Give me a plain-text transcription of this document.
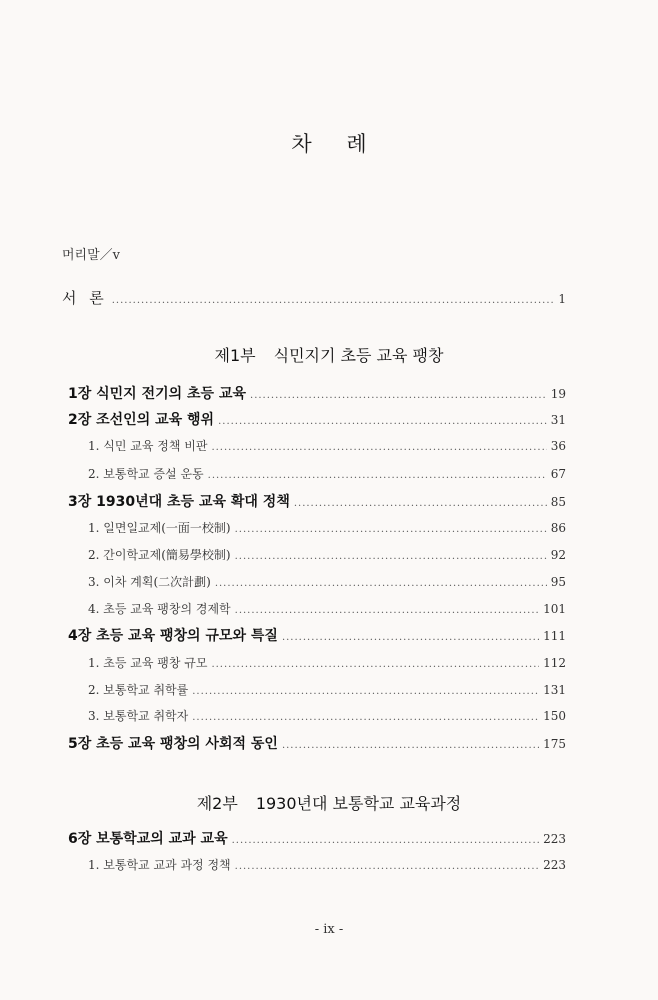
차 례
머리말／v
서 론 .....	1
제1부 식민지기 초등 교육 팽창
1장 식민지 전기의 초등 교육 .....	19
2장 조선인의 교육 행위 .....	31
1. 식민 교육 정책 비판 .....	36
2. 보통학교 증설 운동 .....	67
3장 1930년대 초등 교육 확대 정책 .....	85
1. 일면일교제(一面一校制) .....	86
2. 간이학교제(簡易學校制) .....	92
3. 이차 계획(二次計劃) .....	95
4. 초등 교육 팽창의 경제학 .....	101
4장 초등 교육 팽창의 규모와 특질 .....	111
1. 초등 교육 팽창 규모 .....	112
2. 보통학교 취학률 .....	131
3. 보통학교 취학자 .....	150
5장 초등 교육 팽창의 사회적 동인 .....	175
제2부 1930년대 보통학교 교육과정
6장 보통학교의 교과 교육 .....	223
1. 보통학교 교과 과정 정책 .....	223
- ix -
